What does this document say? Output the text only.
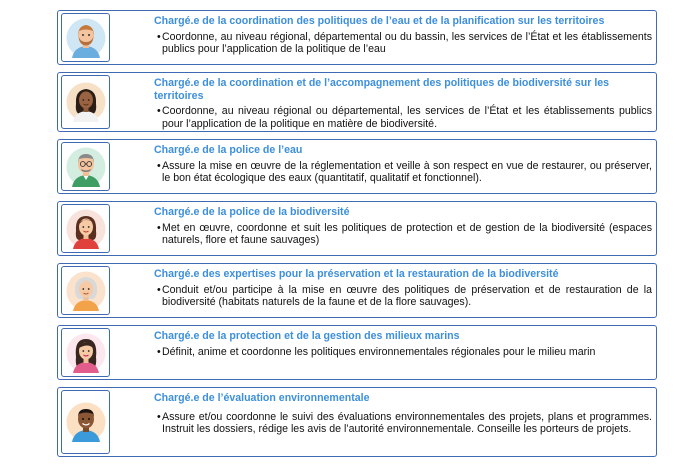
Chargé.e de la coordination des politiques de l’eau et de la planification sur les territoires
•Coordonne, au niveau régional, départemental ou du bassin, les services de l’État et les établissements publics pour l’application de la politique de l’eau
Chargé.e de la coordination et de l’accompagnement des politiques de biodiversité sur les territoires
•Coordonne, au niveau régional ou départemental, les services de l’État et les établissements publics pour l’application de la politique en matière de biodiversité.
Chargé.e de la police de l’eau
•Assure la mise en œuvre de la réglementation et veille à son respect en vue de restaurer, ou préserver, le bon état écologique des eaux (quantitatif, qualitatif et fonctionnel).
Chargé.e de la police de la biodiversité
•Met en œuvre, coordonne et suit les politiques de protection et de gestion de la biodiversité (espaces naturels, flore et faune sauvages)
Chargé.e des expertises pour la préservation et la restauration de la biodiversité
•Conduit et/ou participe à la mise en œuvre des politiques de préservation et de restauration de la biodiversité (habitats naturels de la faune et de la flore sauvages).
Chargé.e de la protection et de la gestion des milieux marins
•Définit, anime et coordonne les politiques environnementales régionales pour le milieu marin
Chargé.e de l’évaluation environnementale
•Assure et/ou coordonne le suivi des évaluations environnementales des projets, plans et programmes. Instruit les dossiers, rédige les avis de l’autorité environnementale. Conseille les porteurs de projets.
